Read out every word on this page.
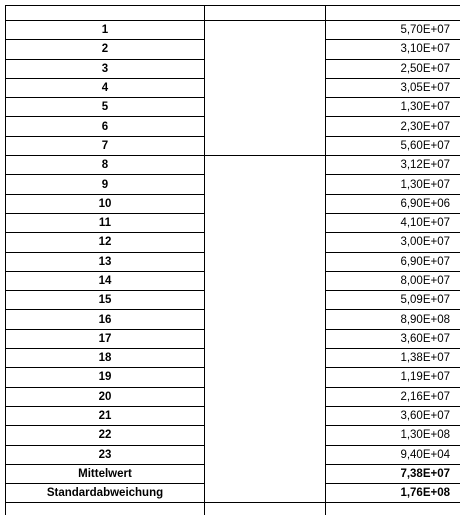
1		5,70E+07
2		3,10E+07
3		2,50E+07
4		3,05E+07
5		1,30E+07
6		2,30E+07
7		5,60E+07
8		3,12E+07
9		1,30E+07
10		6,90E+06
11		4,10E+07
12		3,00E+07
13		6,90E+07
14		8,00E+07
15		5,09E+07
16		8,90E+08
17		3,60E+07
18		1,38E+07
19		1,19E+07
20		2,16E+07
21		3,60E+07
22		1,30E+08
23		9,40E+04
Mittelwert		7,38E+07
Standardabweichung		1,76E+08
